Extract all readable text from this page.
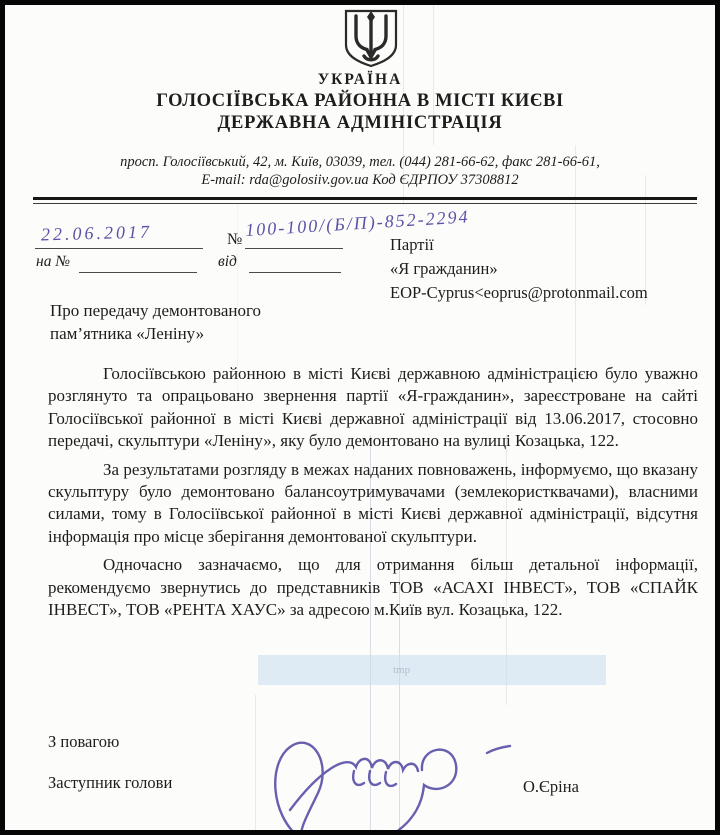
УКРАЇНА
ГОЛОСІЇВСЬКА РАЙОННА В МІСТІ КИЄВІ
ДЕРЖАВНА АДМІНІСТРАЦІЯ
просп. Голосіївський, 42, м. Київ, 03039, тел. (044) 281-66-62, факс 281-66-61,
E-mail: rda@golosiiv.gov.ua Код ЄДРПОУ 37308812
22.06.2017	№ 100-100/(Б/П)-852-2294
на №	від
Партії
«Я гражданин»
EOP-Cyprus<eoprus@protonmail.com
Про передачу демонтованого
пам’ятника «Леніну»

Голосіївською районною в місті Києві державною адміністрацією було уважно розглянуто та опрацьовано звернення партії «Я-гражданин», зареєстроване на сайті Голосіївської районної в місті Києві державної адміністрації від 13.06.2017, стосовно передачі, скульптури «Леніну», яку було демонтовано на вулиці Козацька, 122.

За результатами розгляду в межах наданих повноважень, інформуємо, що вказану скульптуру було демонтовано балансоутримувачами (землекористквачами), власними силами, тому в Голосіївської районної в місті Києві державної адміністрації, відсутня інформація про місце зберігання демонтованої скульптури.

Одночасно зазначаємо, що для отримання більш детальної інформації, рекомендуємо звернутись до представників ТОВ «АСАХІ ІНВЕСТ», ТОВ «СПАЙК ІНВЕСТ», ТОВ «РЕНТА ХАУС» за адресою м.Київ вул. Козацька, 122.

tmp
З повагою
Заступник голови	О.Єріна
